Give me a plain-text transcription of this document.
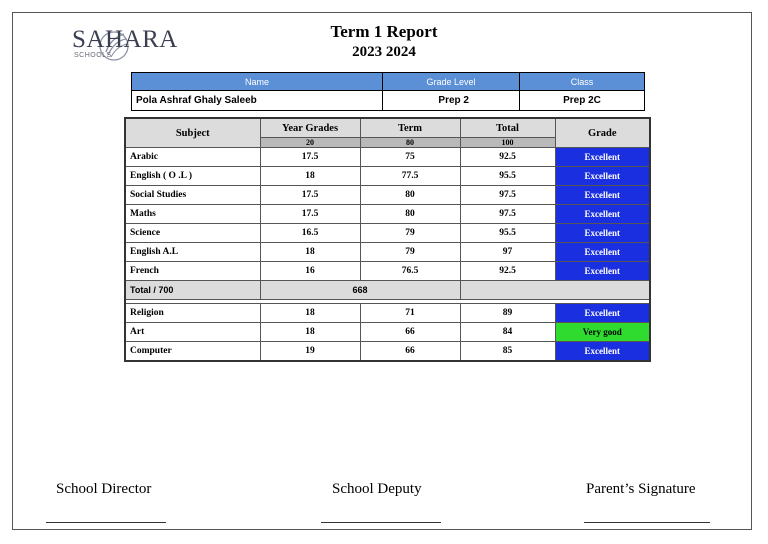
SAHARA
SCHOOLS
Term 1 Report
2023 2024
Name	Grade Level	Class
Pola Ashraf Ghaly Saleeb	Prep 2	Prep 2C
Subject	Year Grades	Term	Total	Grade
	20	80	100	
Arabic	17.5	75	92.5	Excellent
English ( O .L )	18	77.5	95.5	Excellent
Social Studies	17.5	80	97.5	Excellent
Maths	17.5	80	97.5	Excellent
Science	16.5	79	95.5	Excellent
English A.L	18	79	97	Excellent
French	16	76.5	92.5	Excellent
Total / 700	668			

Religion	18	71	89	Excellent
Art	18	66	84	Very good
Computer	19	66	85	Excellent
School Director	School Deputy	Parent’s Signature
